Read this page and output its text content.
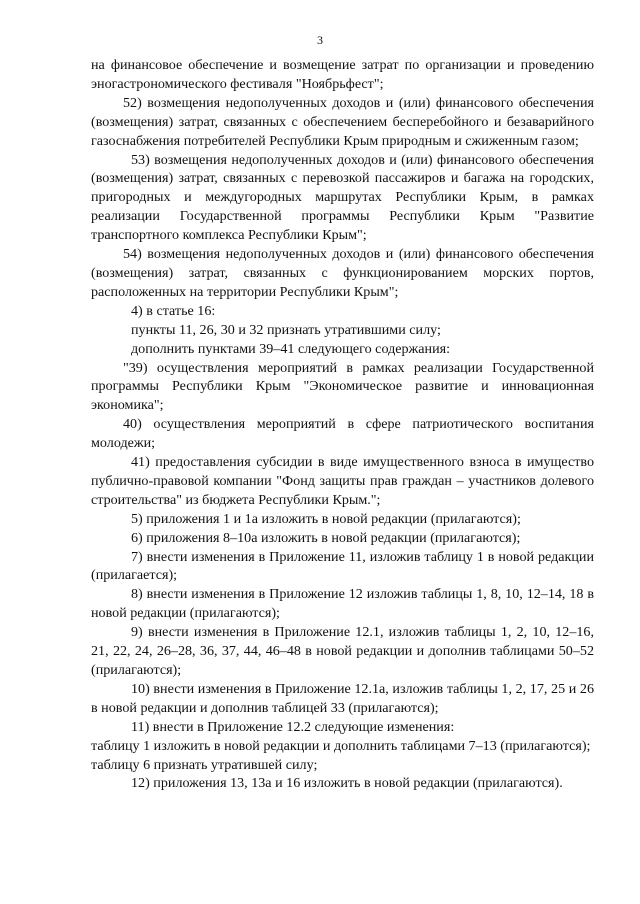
3

на финансовое обеспечение и возмещение затрат по организации и проведению эногастрономического фестиваля "Ноябрьфест";

52) возмещения недополученных доходов и (или) финансового обеспечения (возмещения) затрат, связанных с обеспечением бесперебойного и безаварийного газоснабжения потребителей Республики Крым природным и сжиженным газом;

53) возмещения недополученных доходов и (или) финансового обеспечения (возмещения) затрат, связанных с перевозкой пассажиров и багажа на городских, пригородных и междугородных маршрутах Республики Крым, в рамках реализации Государственной программы Республики Крым "Развитие транспортного комплекса Республики Крым";

54) возмещения недополученных доходов и (или) финансового обеспечения (возмещения) затрат, связанных с функционированием морских портов, расположенных на территории Республики Крым";

4) в статье 16:

пункты 11, 26, 30 и 32 признать утратившими силу;

дополнить пунктами 39–41 следующего содержания:

"39) осуществления мероприятий в рамках реализации Государственной программы Республики Крым "Экономическое развитие и инновационная экономика";

40) осуществления мероприятий в сфере патриотического воспитания молодежи;

41) предоставления субсидии в виде имущественного взноса в имущество публично-правовой компании "Фонд защиты прав граждан – участников долевого строительства" из бюджета Республики Крым.";

5) приложения 1 и 1а изложить в новой редакции (прилагаются);

6) приложения 8–10а изложить в новой редакции (прилагаются);

7) внести изменения в Приложение 11, изложив таблицу 1 в новой редакции (прилагается);

8) внести изменения в Приложение 12 изложив таблицы 1, 8, 10, 12–14, 18 в новой редакции (прилагаются);

9) внести изменения в Приложение 12.1, изложив таблицы 1, 2, 10, 12–16, 21, 22, 24, 26–28, 36, 37, 44, 46–48 в новой редакции и дополнив таблицами 50–52 (прилагаются);

10) внести изменения в Приложение 12.1а, изложив таблицы 1, 2, 17, 25 и 26 в новой редакции и дополнив таблицей 33 (прилагаются);

11) внести в Приложение 12.2 следующие изменения:

таблицу 1 изложить в новой редакции и дополнить таблицами 7–13 (прилагаются);

таблицу 6 признать утратившей силу;

12) приложения 13, 13а и 16 изложить в новой редакции (прилагаются).
